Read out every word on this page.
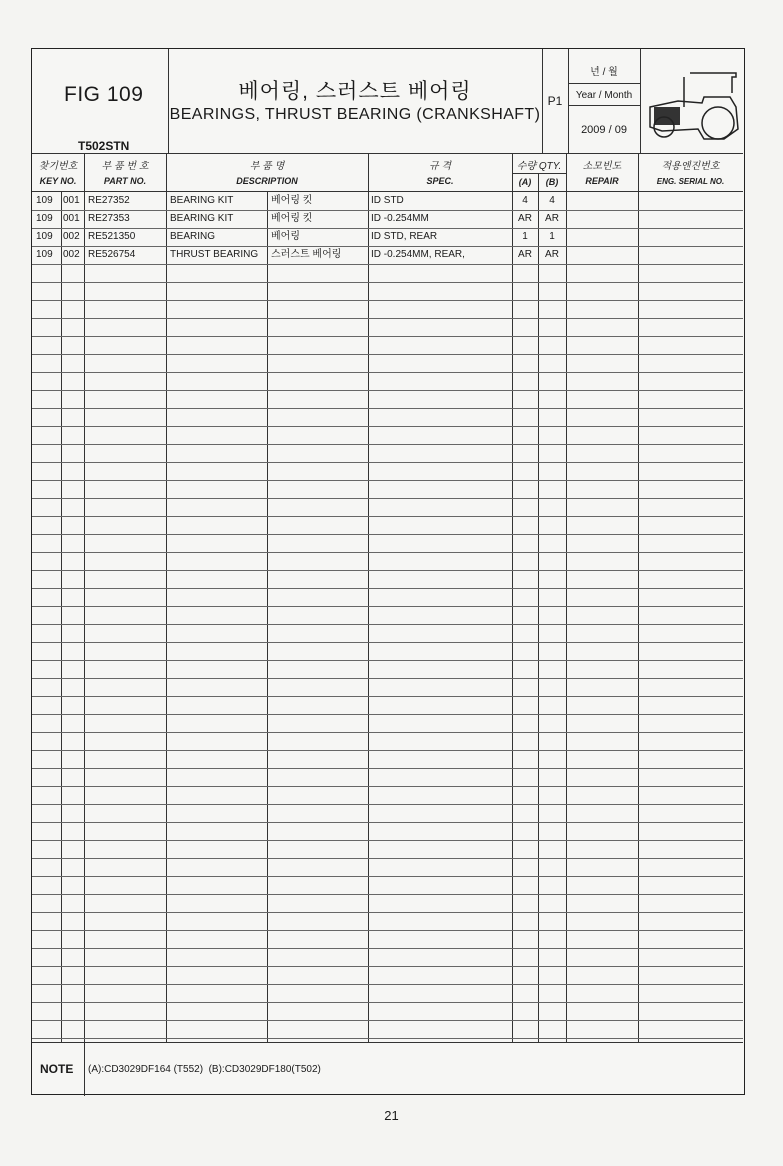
FIG 109
T502STN
베어링, 스러스트 베어링
BEARINGS, THRUST BEARING (CRANKSHAFT)
P1
년 / 월
Year / Month
2009 / 09
찾기번호
KEY NO.
부 품 번 호
PART NO.
부 품 명
DESCRIPTION
규 격
SPEC.
수량 QTY.
(A)	(B)
소모빈도
REPAIR
적용엔진번호
ENG. SERIAL NO.
109 001 RE27352	BEARING KIT	베어링 킷	ID STD	4	4
109 001 RE27353	BEARING KIT	베어링 킷	ID -0.254MM	AR	AR
109 002 RE521350	BEARING	베어링	ID STD, REAR	1	1
109 002 RE526754	THRUST BEARING 스러스트 베어링	ID -0.254MM, REAR,	AR	AR
NOTE (A):CD3029DF164 (T552)  (B):CD3029DF180(T502)
21
